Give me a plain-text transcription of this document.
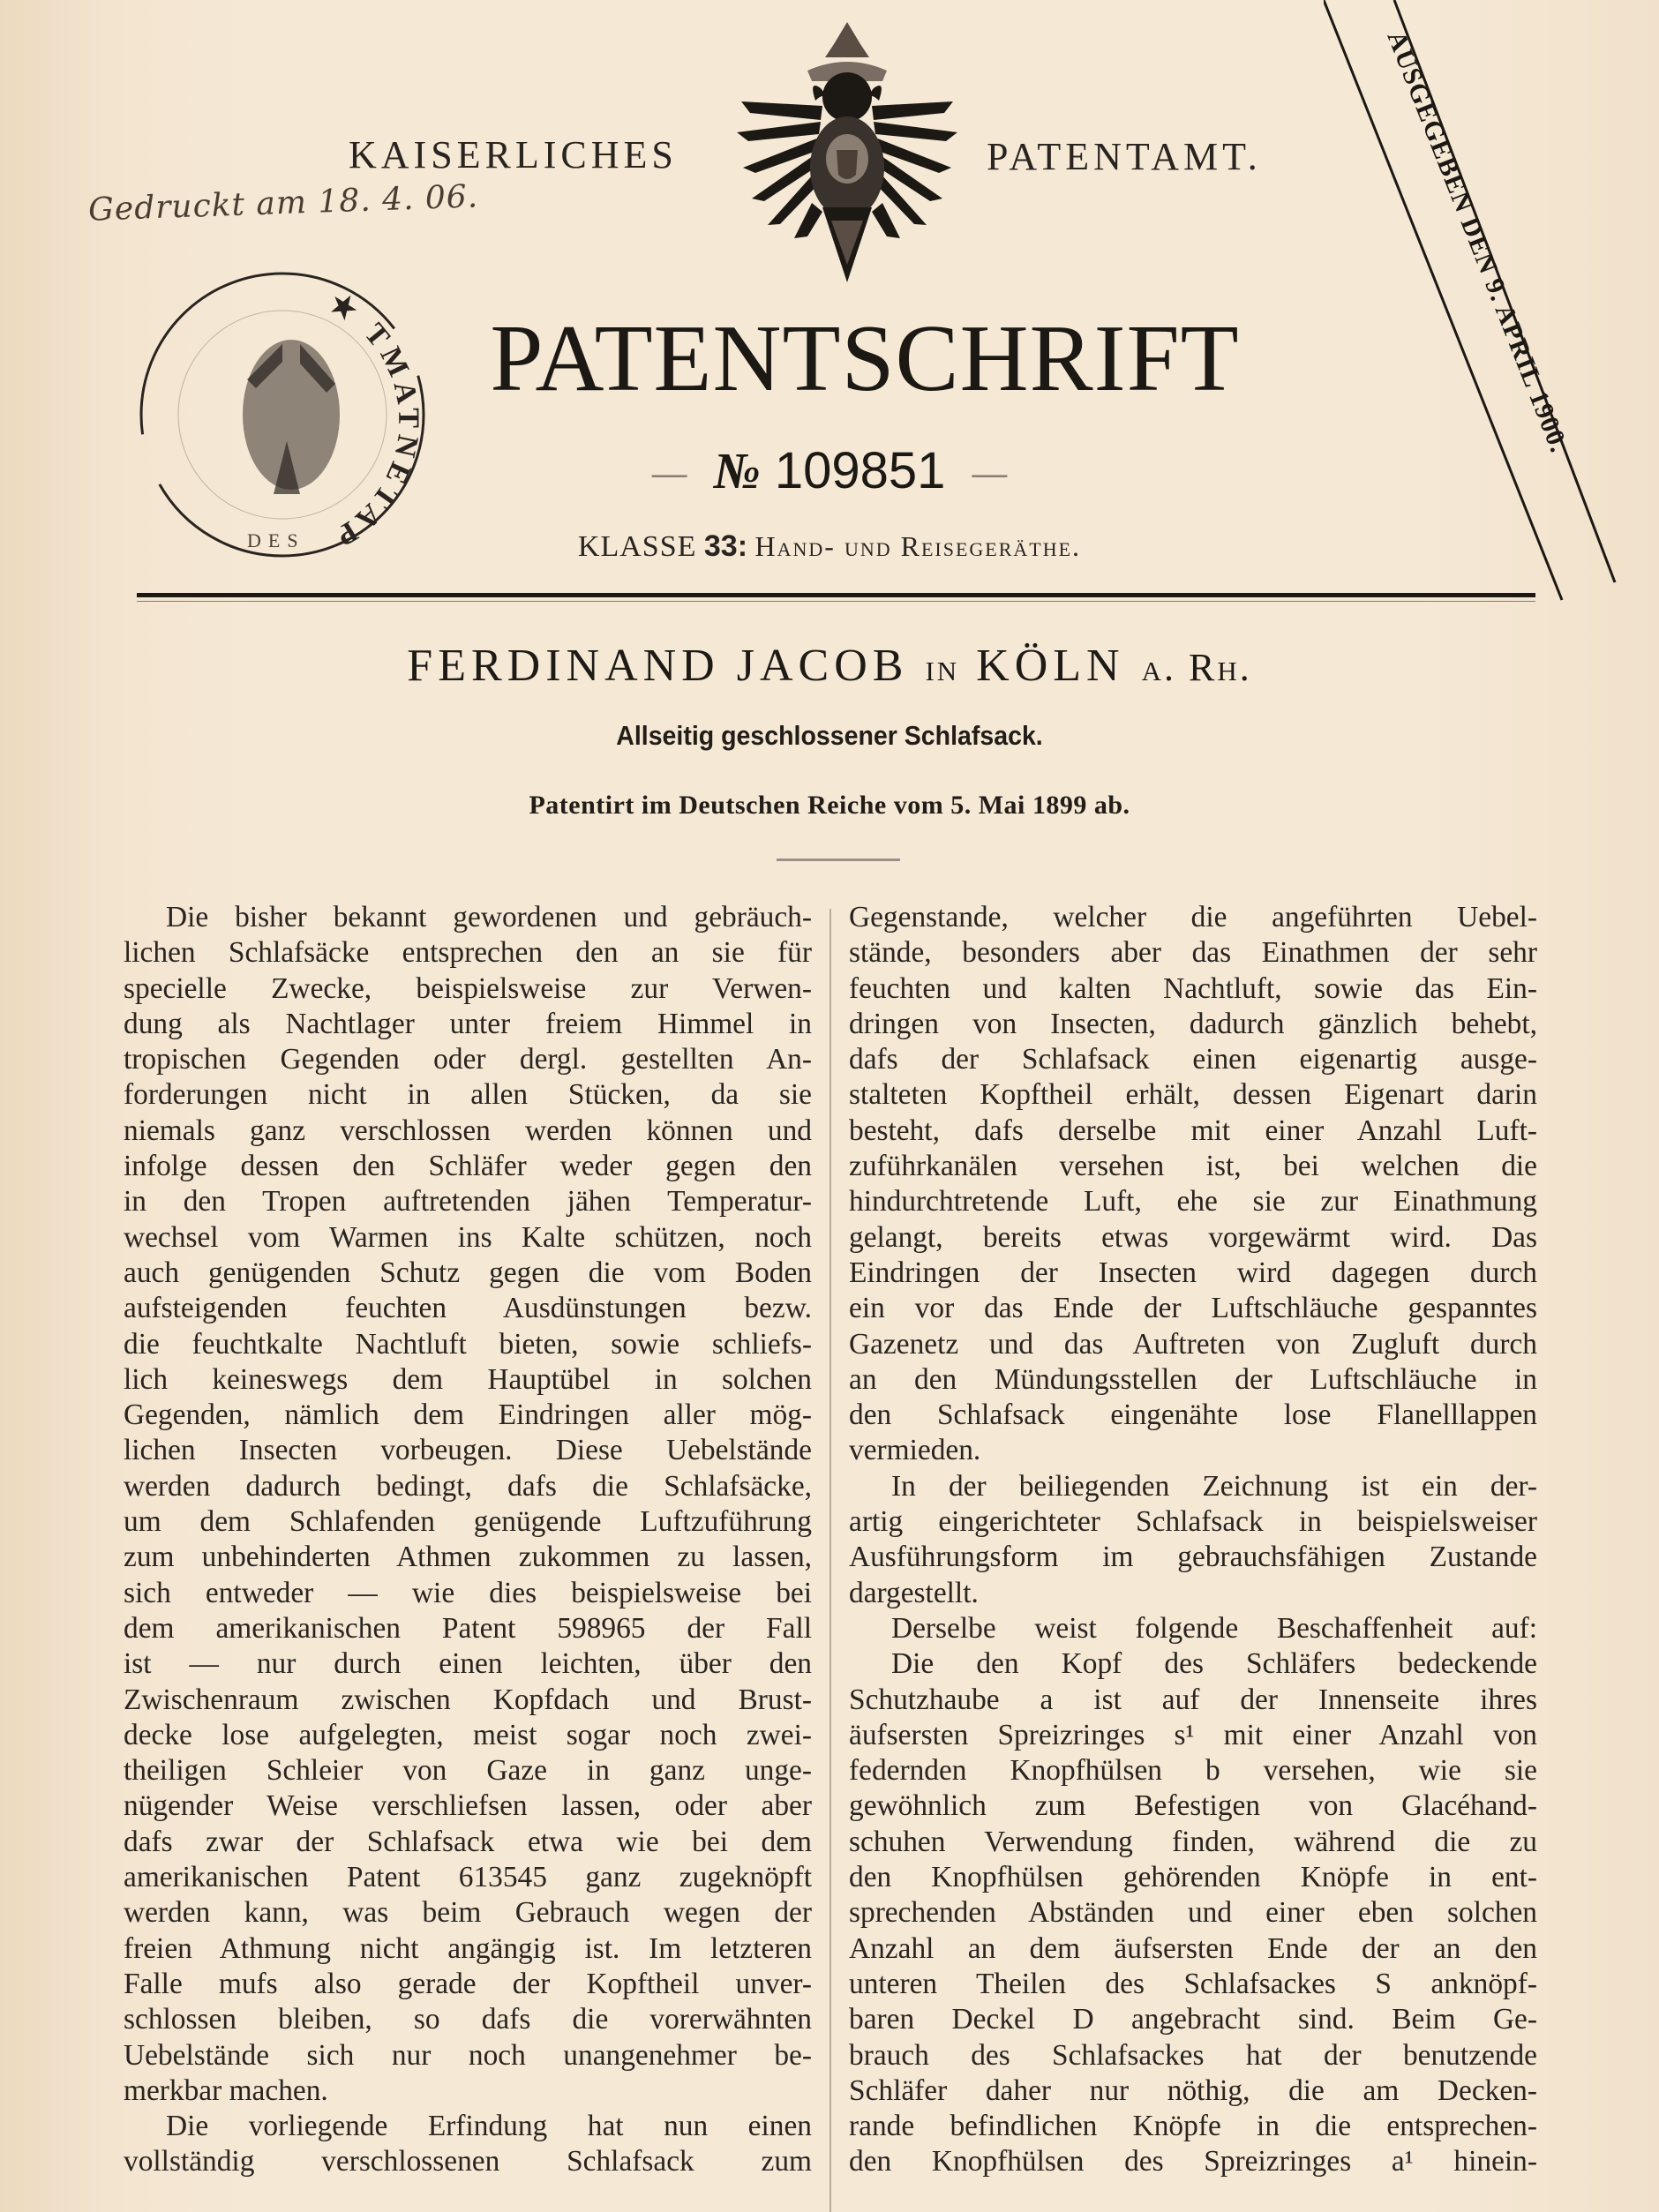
KAISERLICHES	PATENTAMT.
Gedruckt am 18. 4. 06.
★ TMATNETAP
DES
PATENTSCHRIFT
— № 109851 —
KLASSE 33: Hand- und Reisegeräthe.
AUSGEGEBEN DEN 9. APRIL 1900.
FERDINAND JACOB in KÖLN a. Rh.
Allseitig geschlossener Schlafsack.
Patentirt im Deutschen Reiche vom 5. Mai 1899 ab.
Die bisher bekannt gewordenen und gebräuch-
lichen Schlafsäcke entsprechen den an sie für
specielle Zwecke, beispielsweise zur Verwen-
dung als Nachtlager unter freiem Himmel in
tropischen Gegenden oder dergl. gestellten An-
forderungen nicht in allen Stücken, da sie
niemals ganz verschlossen werden können und
infolge dessen den Schläfer weder gegen den
in den Tropen auftretenden jähen Temperatur-
wechsel vom Warmen ins Kalte schützen, noch
auch genügenden Schutz gegen die vom Boden
aufsteigenden feuchten Ausdünstungen bezw.
die feuchtkalte Nachtluft bieten, sowie schliefs-
lich keineswegs dem Hauptübel in solchen
Gegenden, nämlich dem Eindringen aller mög-
lichen Insecten vorbeugen. Diese Uebelstände
werden dadurch bedingt, dafs die Schlafsäcke,
um dem Schlafenden genügende Luftzuführung
zum unbehinderten Athmen zukommen zu lassen,
sich entweder — wie dies beispielsweise bei
dem amerikanischen Patent 598965 der Fall
ist — nur durch einen leichten, über den
Zwischenraum zwischen Kopfdach und Brust-
decke lose aufgelegten, meist sogar noch zwei-
theiligen Schleier von Gaze in ganz unge-
nügender Weise verschliefsen lassen, oder aber
dafs zwar der Schlafsack etwa wie bei dem
amerikanischen Patent 613545 ganz zugeknöpft
werden kann, was beim Gebrauch wegen der
freien Athmung nicht angängig ist. Im letzteren
Falle mufs also gerade der Kopftheil unver-
schlossen bleiben, so dafs die vorerwähnten
Uebelstände sich nur noch unangenehmer be-
merkbar machen.
Die vorliegende Erfindung hat nun einen
vollständig verschlossenen Schlafsack zum
Gegenstande, welcher die angeführten Uebel-
stände, besonders aber das Einathmen der sehr
feuchten und kalten Nachtluft, sowie das Ein-
dringen von Insecten, dadurch gänzlich behebt,
dafs der Schlafsack einen eigenartig ausge-
stalteten Kopftheil erhält, dessen Eigenart darin
besteht, dafs derselbe mit einer Anzahl Luft-
zuführkanälen versehen ist, bei welchen die
hindurchtretende Luft, ehe sie zur Einathmung
gelangt, bereits etwas vorgewärmt wird. Das
Eindringen der Insecten wird dagegen durch
ein vor das Ende der Luftschläuche gespanntes
Gazenetz und das Auftreten von Zugluft durch
an den Mündungsstellen der Luftschläuche in
den Schlafsack eingenähte lose Flanelllappen
vermieden.
In der beiliegenden Zeichnung ist ein der-
artig eingerichteter Schlafsack in beispielsweiser
Ausführungsform im gebrauchsfähigen Zustande
dargestellt.
Derselbe weist folgende Beschaffenheit auf:
Die den Kopf des Schläfers bedeckende
Schutzhaube a ist auf der Innenseite ihres
äufsersten Spreizringes s¹ mit einer Anzahl von
federnden Knopfhülsen b versehen, wie sie
gewöhnlich zum Befestigen von Glacéhand-
schuhen Verwendung finden, während die zu
den Knopfhülsen gehörenden Knöpfe in ent-
sprechenden Abständen und einer eben solchen
Anzahl an dem äufsersten Ende der an den
unteren Theilen des Schlafsackes S anknöpf-
baren Deckel D angebracht sind. Beim Ge-
brauch des Schlafsackes hat der benutzende
Schläfer daher nur nöthig, die am Decken-
rande befindlichen Knöpfe in die entsprechen-
den Knopfhülsen des Spreizringes a¹ hinein-
